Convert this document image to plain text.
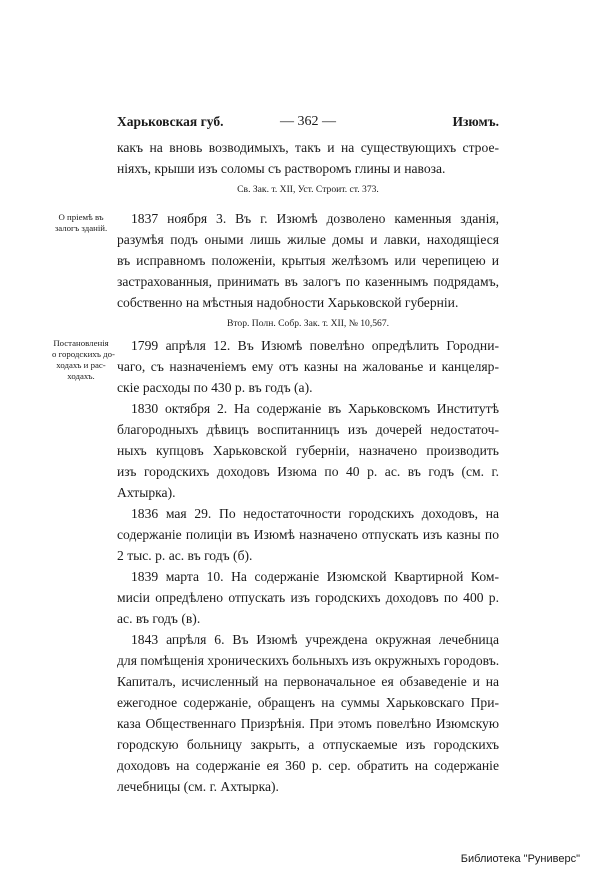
— 362 —
Харьковская губ.	Изюмъ.
какъ на вновь возводимыхъ, такъ и на существующихъ строе-
ніяхъ, крыши изъ соломы съ растворомъ глины и навоза.
Св. Зак. т. XII, Уст. Строит. ст. 373.
О пріемѣ въ
залогъ зданій.
1837 ноября 3. Въ г. Изюмѣ дозволено каменныя зданія,
разумѣя подъ оными лишь жилые домы и лавки, находящіеся
въ исправномъ положеніи, крытыя желѣзомъ или черепицею и
застрахованныя, принимать въ залогъ по казеннымъ подрядамъ,
собственно на мѣстныя надобности Харьковской губерніи.
Втор. Полн. Собр. Зак. т. XII, № 10,567.
Постановленія
о городскихъ до-
ходахъ и рас-
ходахъ.
1799 апрѣля 12. Въ Изюмѣ повелѣно опредѣлить Городни-
чаго, съ назначеніемъ ему отъ казны на жалованье и канцеляр-
скіе расходы по 430 р. въ годъ (а).
1830 октября 2. На содержаніе въ Харьковскомъ Институтѣ
благородныхъ дѣвицъ воспитанницъ изъ дочерей недостаточ-
ныхъ купцовъ Харьковской губерніи, назначено производить
изъ городскихъ доходовъ Изюма по 40 р. ас. въ годъ (см. г.
Ахтырка).
1836 мая 29. По недостаточности городскихъ доходовъ, на
содержаніе полиціи въ Изюмѣ назначено отпускать изъ казны по
2 тыс. р. ас. въ годъ (б).
1839 марта 10. На содержаніе Изюмской Квартирной Ком-
мисіи опредѣлено отпускать изъ городскихъ доходовъ по 400 р.
ас. въ годъ (в).
1843 апрѣля 6. Въ Изюмѣ учреждена окружная лечебница
для помѣщенія хроническихъ больныхъ изъ окружныхъ городовъ.
Капиталъ, исчисленный на первоначальное ея обзаведеніе и на
ежегодное содержаніе, обращенъ на суммы Харьковскаго При-
каза Общественнаго Призрѣнія. При этомъ повелѣно Изюмскую
городскую больницу закрыть, а отпускаемые изъ городскихъ
доходовъ на содержаніе ея 360 р. сер. обратить на содержаніе
лечебницы (см. г. Ахтырка).
Библиотека "Руниверс"
